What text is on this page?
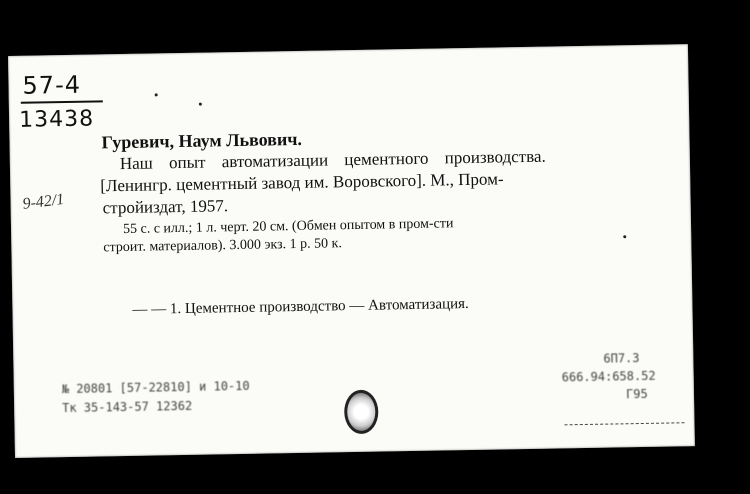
57-4
13438
9-42/1
Гуревич, Наум Львович.
Наш опыт автоматизации цементного производства.
[Ленингр. цементный завод им. Воровского]. М., Пром-
стройиздат, 1957.
55 с. с илл.; 1 л. черт. 20 см. (Обмен опытом в пром-сти
строит. материалов). 3.000 экз. 1 р. 50 к.
— — 1. Цементное производство — Автоматизация.
№ 20801 [57-22810] и 10-10
Тк 35-143-57 12362
6П7.3
666.94:658.52
Г95
